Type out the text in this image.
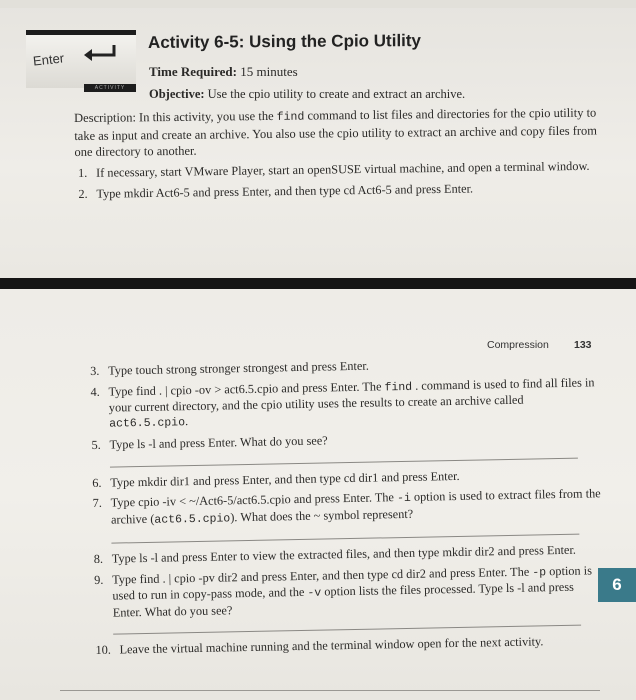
Enter
ACTIVITY
Activity 6-5: Using the Cpio Utility
Time Required: 15 minutes
Objective: Use the cpio utility to create and extract an archive.
Description: In this activity, you use the find command to list files and directories for the cpio utility to take as input and create an archive. You also use the cpio utility to extract an archive and copy files from one directory to another.
1. If necessary, start VMware Player, start an openSUSE virtual machine, and open a terminal window.
2. Type mkdir Act6-5 and press Enter, and then type cd Act6-5 and press Enter.
Compression 133
3. Type touch strong stronger strongest and press Enter.
4. Type find . | cpio -ov > act6.5.cpio and press Enter. The find . command is used to find all files in your current directory, and the cpio utility uses the results to create an archive called act6.5.cpio.
5. Type ls -l and press Enter. What do you see?
6. Type mkdir dir1 and press Enter, and then type cd dir1 and press Enter.
7. Type cpio -iv < ~/Act6-5/act6.5.cpio and press Enter. The -i option is used to extract files from the archive (act6.5.cpio). What does the ~ symbol represent?
8. Type ls -l and press Enter to view the extracted files, and then type mkdir dir2 and press Enter.
9. Type find . | cpio -pv dir2 and press Enter, and then type cd dir2 and press Enter. The -p option is used to run in copy-pass mode, and the -v option lists the files processed. Type ls -l and press Enter. What do you see?
10. Leave the virtual machine running and the terminal window open for the next activity.
6
